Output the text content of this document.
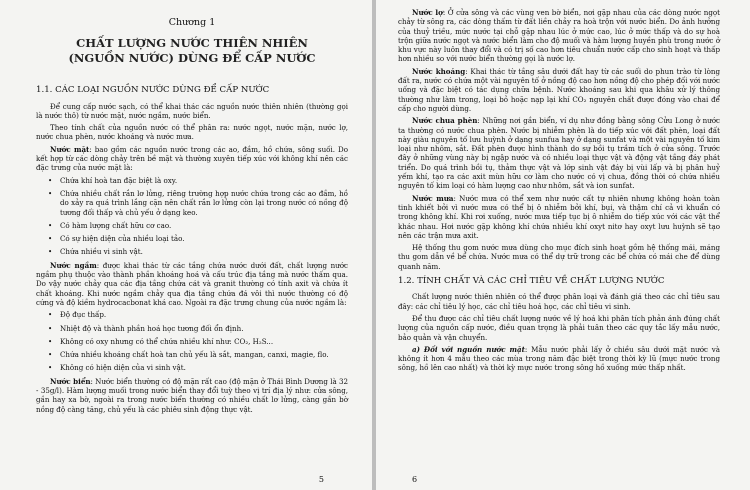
Chương 1
CHẤT LƯỢNG NƯỚC THIÊN NHIÊN
(NGUỒN NƯỚC) DÙNG ĐỂ CẤP NƯỚC
1.1. CÁC LOẠI NGUỒN NƯỚC DÙNG ĐỂ CẤP NƯỚC

Để cung cấp nước sạch, có thể khai thác các nguồn nước thiên nhiên (thường gọi là nước thô) từ nước mặt, nước ngầm, nước biển.

Theo tính chất của nguồn nước có thể phân ra: nước ngọt, nước mặn, nước lợ, nước chua phèn, nước khoáng và nước mưa.

Nước mặt: bao gồm các nguồn nước trong các ao, đầm, hồ chứa, sông suối. Do kết hợp từ các dòng chảy trên bề mặt và thường xuyên tiếp xúc với không khí nên các đặc trưng của nước mặt là:

• Chứa khí hoà tan đặc biệt là oxy.
• Chứa nhiều chất rắn lơ lửng, riêng trường hợp nước chứa trong các ao đầm, hồ do xảy ra quá trình lắng cặn nên chất rắn lơ lửng còn lại trong nước có nồng độ tương đối thấp và chủ yếu ở dạng keo.
• Có hàm lượng chất hữu cơ cao.
• Có sự hiện diện của nhiều loại tảo.
• Chứa nhiều vi sinh vật.

Nước ngầm: được khai thác từ các tầng chứa nước dưới đất, chất lượng nước ngầm phụ thuộc vào thành phần khoáng hoá và cấu trúc địa tầng mà nước thấm qua. Do vậy nước chảy qua các địa tầng chứa cát và granit thường có tính axit và chứa ít chất khoáng. Khi nước ngầm chảy qua địa tầng chứa đá vôi thì nước thường có độ cứng và độ kiềm hydrocacbonat khá cao. Ngoài ra đặc trưng chung của nước ngầm là:

• Độ đục thấp.
• Nhiệt độ và thành phần hoá học tương đối ổn định.
• Không có oxy nhưng có thể chứa nhiều khí như: CO₂, H₂S...
• Chứa nhiều khoáng chất hoà tan chủ yếu là sắt, mangan, canxi, magie, flo.
• Không có hiện diện của vi sinh vật.

Nước biển: Nước biển thường có độ mặn rất cao (độ mặn ở Thái Bình Dương là 32 - 35g/l). Hàm lượng muối trong nước biển thay đổi tuỳ theo vị trí địa lý như: cửa sông, gần hay xa bờ, ngoài ra trong nước biển thường có nhiều chất lơ lửng, càng gần bờ nồng độ càng tăng, chủ yếu là các phiêu sinh động thực vật.

5

Nước lợ: Ở cửa sông và các vùng ven bờ biển, nơi gặp nhau của các dòng nước ngọt chảy từ sông ra, các dòng thấm từ đất liền chảy ra hoà trộn với nước biển. Do ảnh hưởng của thuỷ triều, mức nước tại chỗ gặp nhau lúc ở mức cao, lúc ở mức thấp và do sự hoà trộn giữa nước ngọt và nước biển làm cho độ muối và hàm lượng huyền phù trong nước ở khu vực này luôn thay đổi và có trị số cao hơn tiêu chuẩn nước cấp cho sinh hoạt và thấp hơn nhiều so với nước biển thường gọi là nước lợ.

Nước khoáng: Khai thác từ tầng sâu dưới đất hay từ các suối do phun trào từ lòng đất ra, nước có chứa một vài nguyên tố ở nồng độ cao hơn nồng độ cho phép đối với nước uống và đặc biệt có tác dụng chữa bệnh. Nước khoáng sau khi qua khâu xử lý thông thường như làm trong, loại bỏ hoặc nạp lại khí CO₂ nguyên chất được đóng vào chai để cấp cho người dùng.

Nước chua phèn: Những nơi gần biển, ví dụ như đồng bằng sông Cửu Long ở nước ta thường có nước chua phèn. Nước bị nhiễm phèn là do tiếp xúc với đất phèn, loại đất này giàu nguyên tố lưu huỳnh ở dạng sunfua hay ở dạng sunfat và một vài nguyên tố kim loại như nhôm, sắt. Đất phèn được hình thành do sự bồi tụ trầm tích ở cửa sông. Trước đây ở những vùng này bị ngập nước và có nhiều loại thực vật và động vật tầng đáy phát triển. Do quá trình bồi tụ, thảm thực vật và lớp sinh vật đáy bị vùi lấp và bị phân huỷ yếm khí, tạo ra các axit mùn hữu cơ làm cho nước có vị chua, đồng thời có chứa nhiều nguyên tố kim loại có hàm lượng cao như nhôm, sắt và ion sunfat.

Nước mưa: Nước mưa có thể xem như nước cất tự nhiên nhưng không hoàn toàn tinh khiết bởi vì nước mưa có thể bị ô nhiễm bởi khí, bụi, và thậm chí cả vi khuẩn có trong không khí. Khi rơi xuống, nước mưa tiếp tục bị ô nhiễm do tiếp xúc với các vật thể khác nhau. Hơi nước gặp không khí chứa nhiều khí oxyt nitơ hay oxyt lưu huỳnh sẽ tạo nên các trận mưa axit.

Hệ thống thu gom nước mưa dùng cho mục đích sinh hoạt gồm hệ thống mái, máng thu gom dẫn về bể chứa. Nước mưa có thể dự trữ trong các bể chứa có mái che để dùng quanh năm.

1.2. TÍNH CHẤT VÀ CÁC CHỈ TIÊU VỀ CHẤT LƯỢNG NƯỚC

Chất lượng nước thiên nhiên có thể được phân loại và đánh giá theo các chỉ tiêu sau đây: các chỉ tiêu lý học, các chỉ tiêu hoá học, các chỉ tiêu vi sinh.

Để thu được các chỉ tiêu chất lượng nước về lý hoá khi phân tích phản ánh đúng chất lượng của nguồn cấp nước, điều quan trọng là phải tuân theo các quy tắc lấy mẫu nước, bảo quản và vận chuyển.

a) Đối với nguồn nước mặt: Mẫu nước phải lấy ở chiều sâu dưới mặt nước và không ít hơn 4 mẫu theo các mùa trong năm đặc biệt trong thời kỳ lũ (mực nước trong sông, hồ lên cao nhất) và thời kỳ mực nước trong sông hồ xuống mức thấp nhất.

6
